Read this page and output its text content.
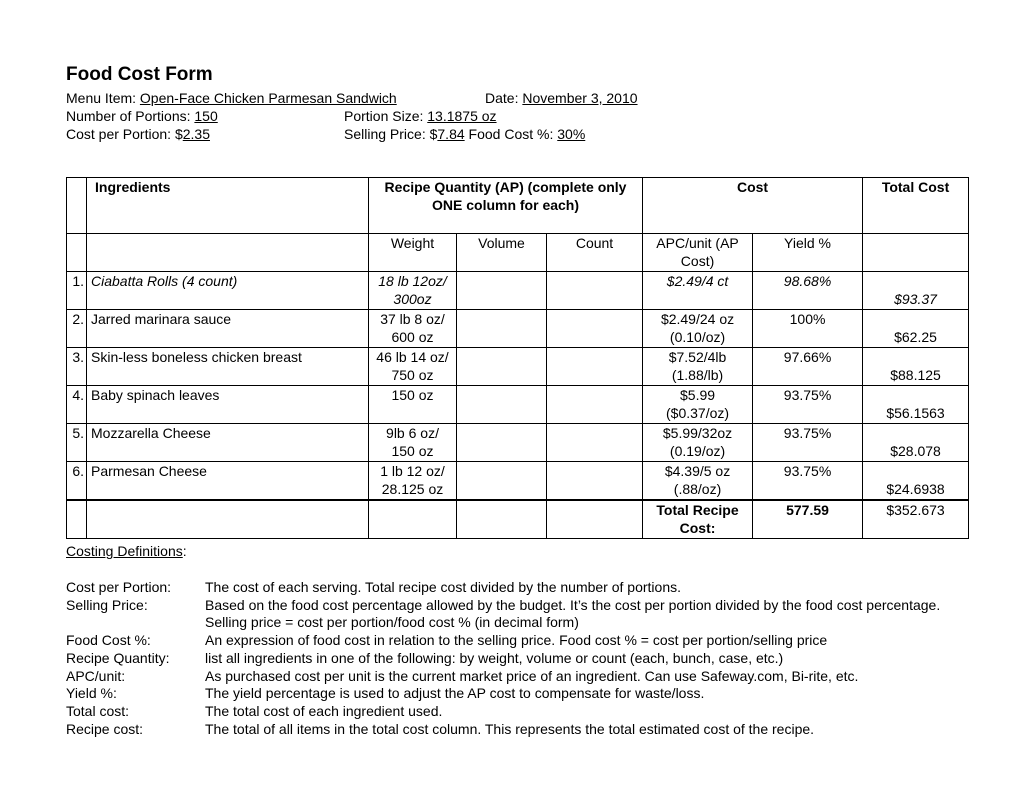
Food Cost Form
Menu Item: Open-Face Chicken Parmesan Sandwich	Date: November 3, 2010
Number of Portions: 150	Portion Size: 13.1875 oz
Cost per Portion: $2.35	Selling Price: $7.84 Food Cost %: 30%
	Ingredients	Recipe Quantity (AP) (complete only ONE column for each)			Cost		Total Cost
		Weight	Volume	Count	APC/unit (AP Cost)	Yield %	
1.	Ciabatta Rolls (4 count)	18 lb 12oz/ 300oz			$2.49/4 ct	98.68%	$93.37
2.	Jarred marinara sauce	37 lb 8 oz/ 600 oz			$2.49/24 oz (0.10/oz)	100%	$62.25
3.	Skin-less boneless chicken breast	46 lb 14 oz/ 750 oz			$7.52/4lb (1.88/lb)	97.66%	$88.125
4.	Baby spinach leaves	150 oz			$5.99 ($0.37/oz)	93.75%	$56.1563
5.	Mozzarella Cheese	9lb 6 oz/ 150 oz			$5.99/32oz (0.19/oz)	93.75%	$28.078
6.	Parmesan Cheese	1 lb 12 oz/ 28.125 oz			$4.39/5 oz (.88/oz)	93.75%	$24.6938
					Total Recipe Cost:	577.59	$352.673
Costing Definitions:
Cost per Portion:	The cost of each serving. Total recipe cost divided by the number of portions.
Selling Price:	Based on the food cost percentage allowed by the budget. It’s the cost per portion divided by the food cost percentage. Selling price = cost per portion/food cost % (in decimal form)
Food Cost %:	An expression of food cost in relation to the selling price. Food cost % = cost per portion/selling price
Recipe Quantity:	list all ingredients in one of the following: by weight, volume or count (each, bunch, case, etc.)
APC/unit:	As purchased cost per unit is the current market price of an ingredient. Can use Safeway.com, Bi-rite, etc.
Yield %:	The yield percentage is used to adjust the AP cost to compensate for waste/loss.
Total cost:	The total cost of each ingredient used.
Recipe cost:	The total of all items in the total cost column. This represents the total estimated cost of the recipe.
